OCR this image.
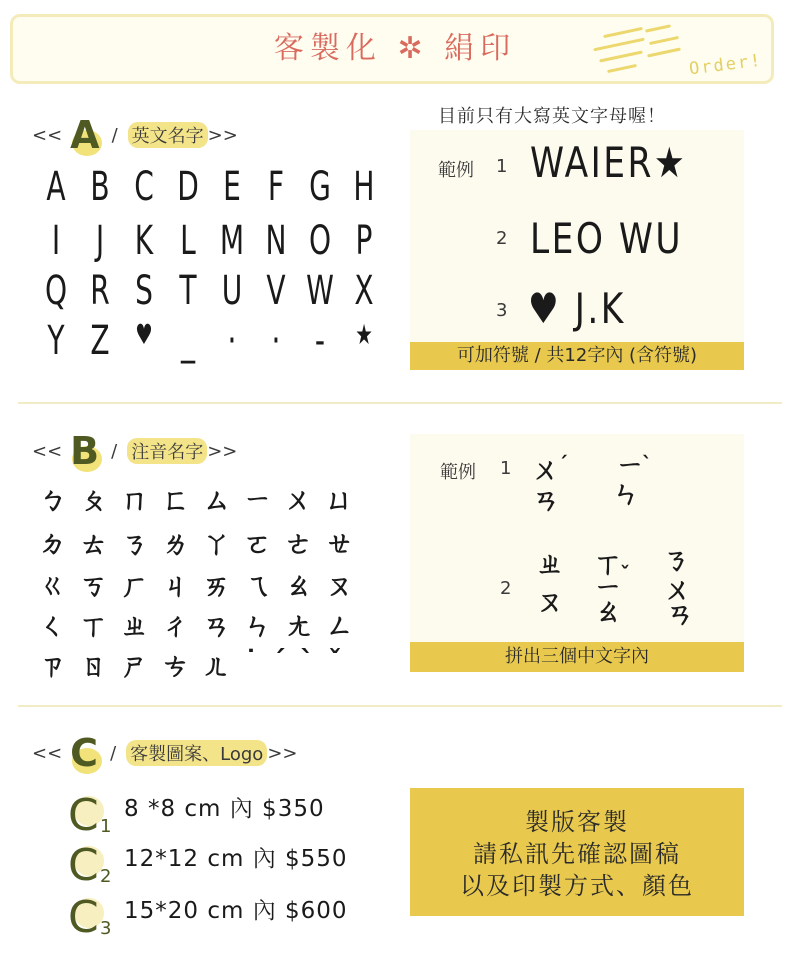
客製化 ✲ 絹印	Order!
目前只有大寫英文字母喔！
<< A / 英文名字 >>
A B C D E F G H
I J K L M N O P
Q R S T U V W X
Y Z ♥ _ · · -	★
範例 1 WAIER★
2 LEO WU
3 ♥ J.K
可加符號 / 共12字內 (含符號)
<< B / 注音名字 >>
ㄅ ㄆ ㄇ ㄈ ㄙ ㄧ ㄨ ㄩ
ㄉ ㄊ ㄋ ㄌ ㄚ ㄛ ㄜ ㄝ
ㄍ ㄎ ㄏ ㄐ ㄞ ㄟ ㄠ ㄡ
ㄑ ㄒ ㄓ ㄔ ㄢ ㄣ ㄤ ㄥ
ㄗ ㄖ ㄕ ㄘ ㄦ ˙ ˊ ˋ ˇ
範例 1 ㄨ
ˊ ㄧ
ˋ
ㄢ ㄣ
2
ㄓ ㄒ ㄋ
ㄡ ㄧ
ˇ
ㄠ
ㄨ
ㄢ
拼出三個中文字內
<< C / 客製圖案、Logo >>
C 1
8 *8 cm 內 $350
C 2
12*12 cm 內 $550
C 3
15*20 cm 內 $600
製版客製
請私訊先確認圖稿
以及印製方式、顏色
